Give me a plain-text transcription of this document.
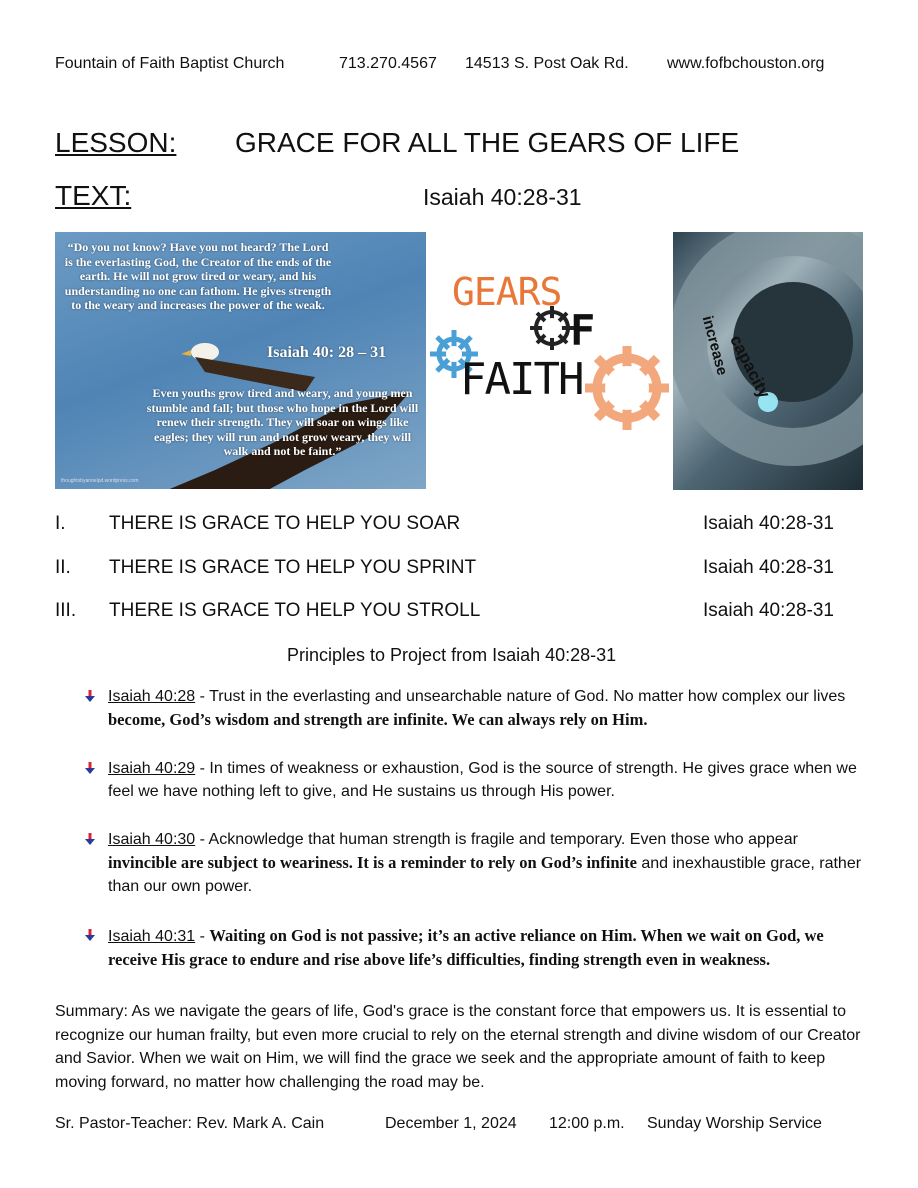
Fountain of Faith Baptist Church	713.270.4567 14513 S. Post Oak Rd. www.fofbchouston.org
LESSON: GRACE FOR ALL THE GEARS OF LIFE
TEXT:	Isaiah 40:28-31
“Do you not know? Have you not heard? The Lord is the everlasting God, the Creator of the ends of the earth. He will not grow tired or weary, and his understanding no one can fathom. He gives strength to the weary and increases the power of the weak.
Isaiah 40: 28 – 31
Even youths grow tired and weary, and young men stumble and fall; but those who hope in the Lord will renew their strength. They will soar on wings like eagles; they will run and not grow weary, they will walk and not be faint.”
thoughtsbyanoelpd.wordpress.com
GEARS
F
FAITH	capacity
increase
I. THERE IS GRACE TO HELP YOU SOAR	Isaiah 40:28-31
II. THERE IS GRACE TO HELP YOU SPRINT	Isaiah 40:28-31
III. THERE IS GRACE TO HELP YOU STROLL	Isaiah 40:28-31
Principles to Project from Isaiah 40:28-31
Isaiah 40:28 - Trust in the everlasting and unsearchable nature of God. No matter how complex our lives become, God’s wisdom and strength are infinite. We can always rely on Him.
Isaiah 40:29 - In times of weakness or exhaustion, God is the source of strength. He gives grace when we feel we have nothing left to give, and He sustains us through His power.
Isaiah 40:30 - Acknowledge that human strength is fragile and temporary. Even those who appear invincible are subject to weariness. It is a reminder to rely on God’s infinite and inexhaustible grace, rather than our own power.
Isaiah 40:31 - Waiting on God is not passive; it’s an active reliance on Him. When we wait on God, we receive His grace to endure and rise above life’s difficulties, finding strength even in weakness.
Summary: As we navigate the gears of life, God's grace is the constant force that empowers us. It is essential to recognize our human frailty, but even more crucial to rely on the eternal strength and divine wisdom of our Creator and Savior. When we wait on Him, we will find the grace we seek and the appropriate amount of faith to keep moving forward, no matter how challenging the road may be.
Sr. Pastor-Teacher: Rev. Mark A. Cain	December 1, 2024 12:00 p.m. Sunday Worship Service
